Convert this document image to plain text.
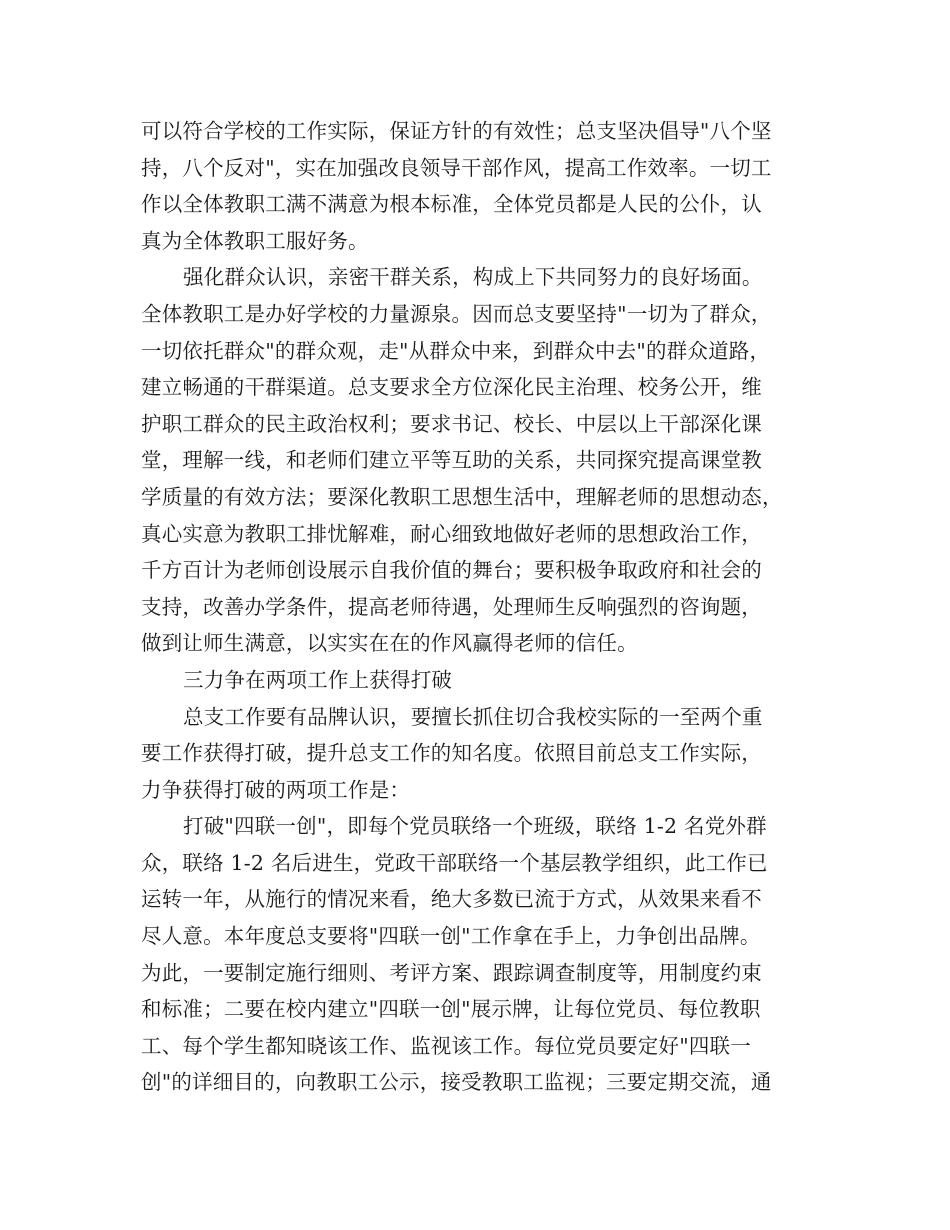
可以符合学校的工作实际，保证方针的有效性；总支坚决倡导"八个坚
持，八个反对"，实在加强改良领导干部作风，提高工作效率。一切工
作以全体教职工满不满意为根本标准，全体党员都是人民的公仆，认
真为全体教职工服好务。
强化群众认识，亲密干群关系，构成上下共同努力的良好场面。
全体教职工是办好学校的力量源泉。因而总支要坚持"一切为了群众，
一切依托群众"的群众观，走"从群众中来，到群众中去"的群众道路，
建立畅通的干群渠道。总支要求全方位深化民主治理、校务公开，维
护职工群众的民主政治权利；要求书记、校长、中层以上干部深化课
堂，理解一线，和老师们建立平等互助的关系，共同探究提高课堂教
学质量的有效方法；要深化教职工思想生活中，理解老师的思想动态，
真心实意为教职工排忧解难，耐心细致地做好老师的思想政治工作，
千方百计为老师创设展示自我价值的舞台；要积极争取政府和社会的
支持，改善办学条件，提高老师待遇，处理师生反响强烈的咨询题，
做到让师生满意，以实实在在的作风赢得老师的信任。
三力争在两项工作上获得打破
总支工作要有品牌认识，要擅长抓住切合我校实际的一至两个重
要工作获得打破，提升总支工作的知名度。依照目前总支工作实际，
力争获得打破的两项工作是：
打破"四联一创"，即每个党员联络一个班级，联络 1-2 名党外群
众，联络 1-2 名后进生，党政干部联络一个基层教学组织，此工作已
运转一年，从施行的情况来看，绝大多数已流于方式，从效果来看不
尽人意。本年度总支要将"四联一创"工作拿在手上，力争创出品牌。
为此，一要制定施行细则、考评方案、跟踪调查制度等，用制度约束
和标准；二要在校内建立"四联一创"展示牌，让每位党员、每位教职
工、每个学生都知晓该工作、监视该工作。每位党员要定好"四联一
创"的详细目的，向教职工公示，接受教职工监视；三要定期交流，通
